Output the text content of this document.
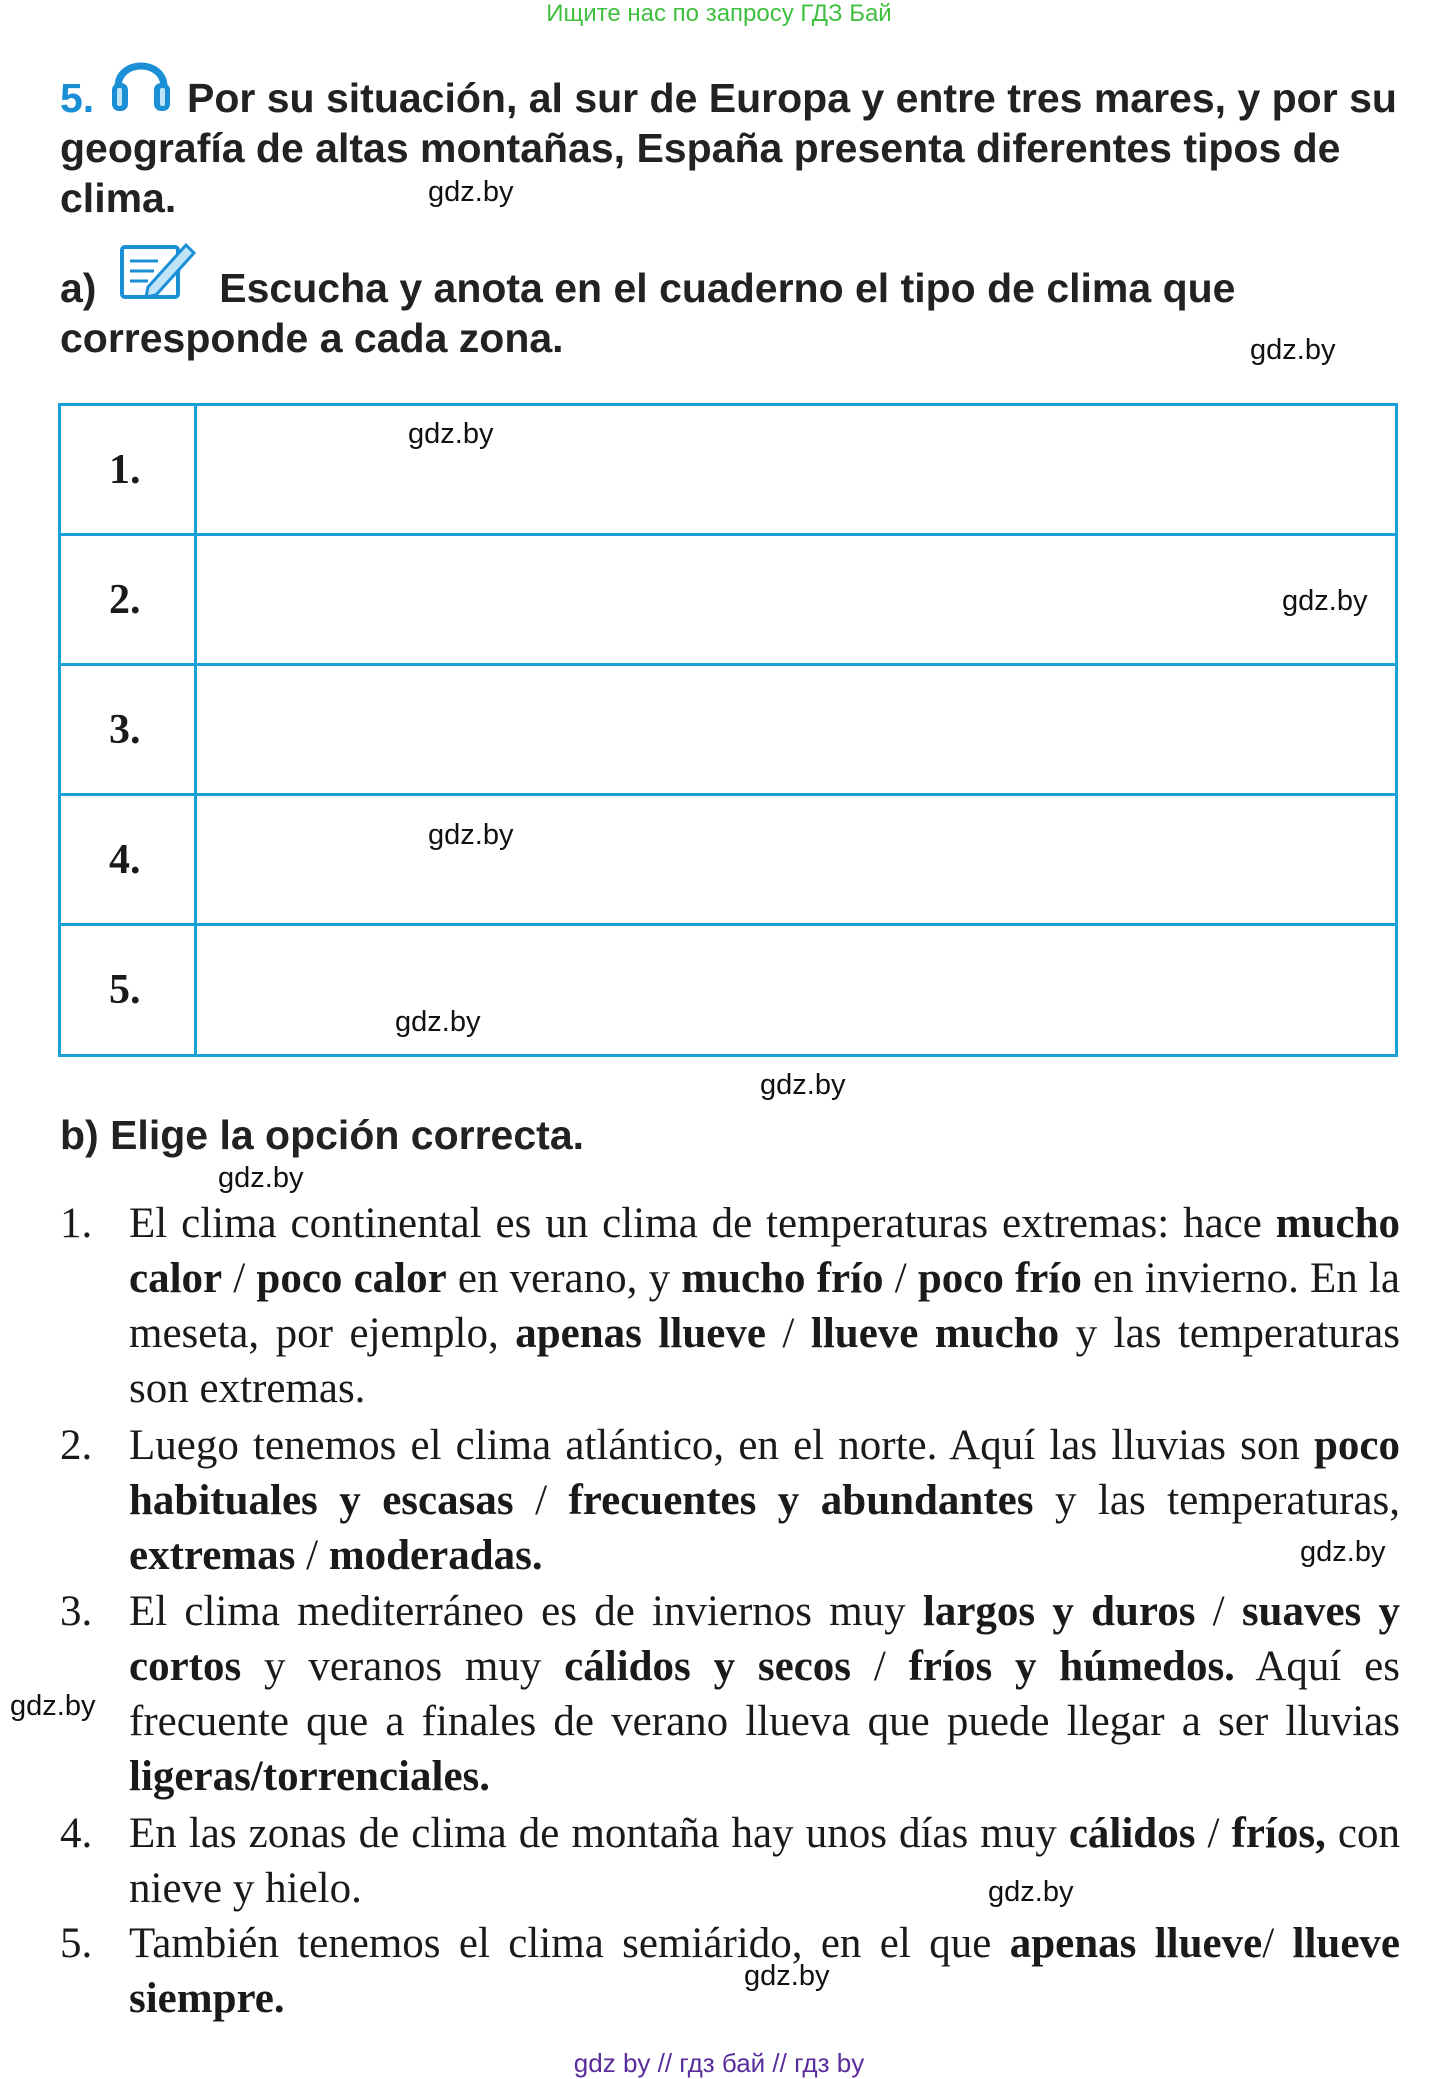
Ищите нас по запросу ГДЗ Бай
5. Por su situación, al sur de Europa y entre tres mares, y por su geografía de altas montañas, España presenta diferentes tipos de clima.	gdz.by
a)	Escucha y anota en el cuaderno el tipo de clima que corresponde a cada zona.	gdz.by
1.
2.
3.
4.
5.
gdz.by
gdz.by
gdz.by
gdz.by
gdz.by
b) Elige la opción correcta.
gdz.by
1. El clima continental es un clima de temperaturas extremas: hace mucho calor / poco calor en verano, y mucho frío / poco frío en invierno. En la meseta, por ejemplo, apenas llueve / llueve mucho y las temperaturas son extremas.
2. Luego tenemos el clima atlántico, en el norte. Aquí las lluvias son poco habituales y escasas / frecuentes y abundantes y las temperaturas, extremas / moderadas.
3. El clima mediterráneo es de inviernos muy largos y duros / suaves y cortos y veranos muy cálidos y secos / fríos y húmedos. Aquí es frecuente que a finales de verano llueva que puede llegar a ser lluvias ligeras/torrenciales.
4. En las zonas de clima de montaña hay unos días muy cálidos / fríos, con nieve y hielo.
5. También tenemos el clima semiárido, en el que apenas llueve/ llueve siempre.
gdz.by
gdz.by
gdz.by
gdz.by
gdz by // гдз бай // гдз by
